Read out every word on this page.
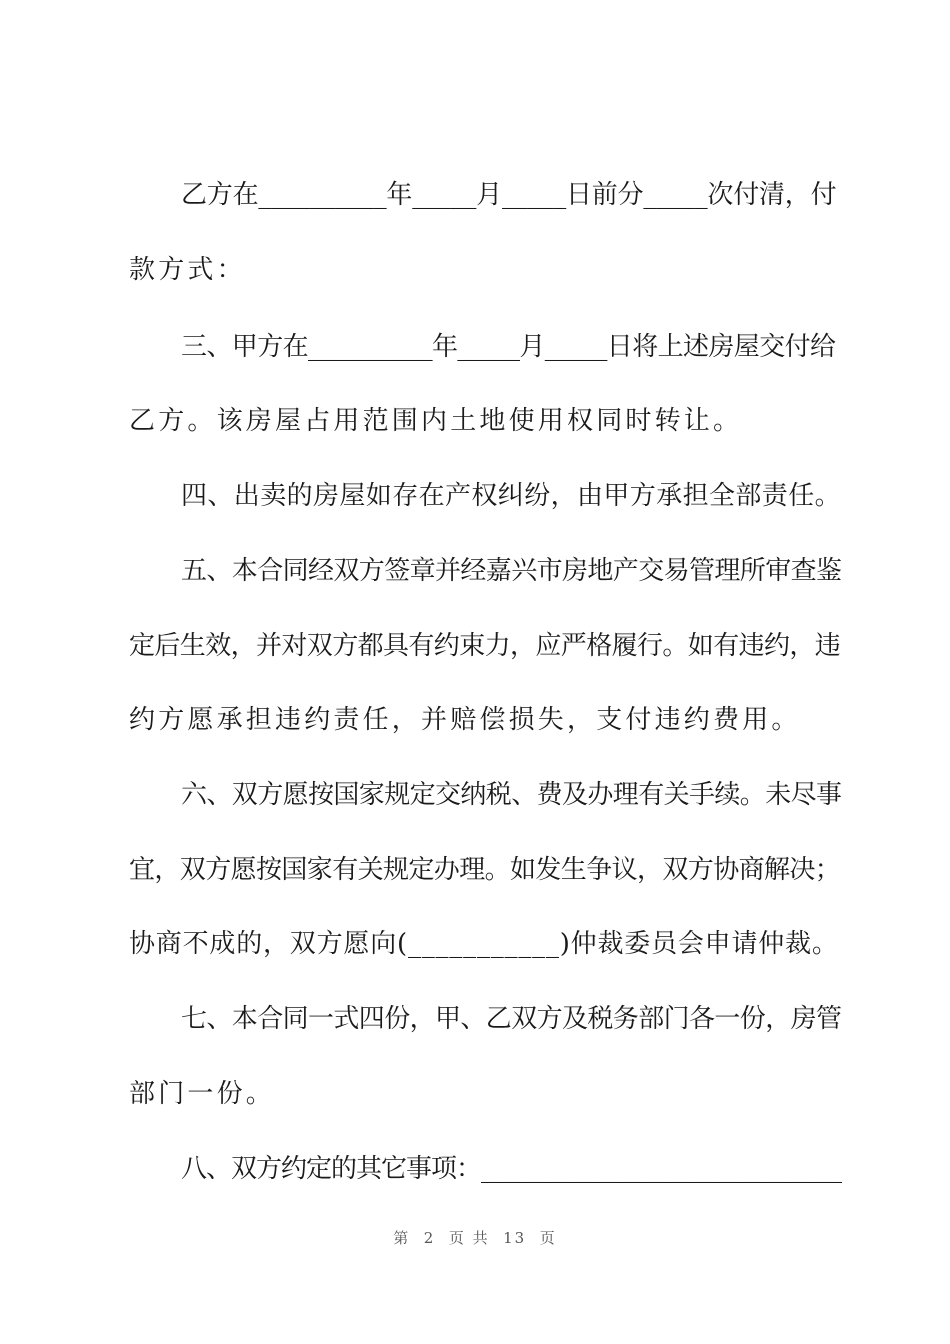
乙方在__________年_____月_____日前分_____次付清，付
款方式：
三、甲方在__________年_____月_____日将上述房屋交付给
乙方。该房屋占用范围内土地使用权同时转让。
四、出卖的房屋如存在产权纠纷，由甲方承担全部责任。
五、本合同经双方签章并经嘉兴市房地产交易管理所审查鉴
定后生效，并对双方都具有约束力，应严格履行。如有违约，违
约方愿承担违约责任，并赔偿损失，支付违约费用。
六、双方愿按国家规定交纳税、费及办理有关手续。未尽事
宜，双方愿按国家有关规定办理。如发生争议，双方协商解决；
协商不成的，双方愿向(___________)仲裁委员会申请仲裁。
七、本合同一式四份，甲、乙双方及税务部门各一份，房管
部门一份。
八、双方约定的其它事项：______________________________
第  2  页 共  13  页
